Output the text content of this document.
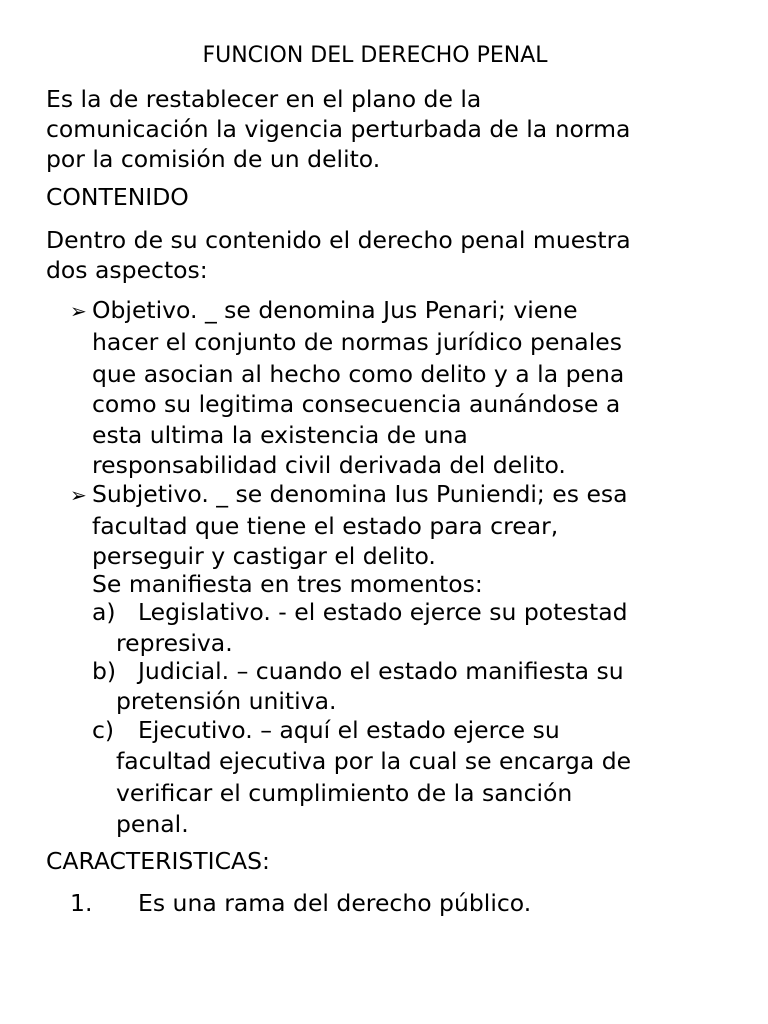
FUNCION DEL DERECHO PENAL
Es la de restablecer en el plano de la
comunicación la vigencia perturbada de la norma
por la comisión de un delito.
CONTENIDO
Dentro de su contenido el derecho penal muestra
dos aspectos:
➢ Objetivo. _ se denomina Jus Penari; viene
hacer el conjunto de normas jurídico penales
que asocian al hecho como delito y a la pena
como su legitima consecuencia aunándose a
esta ultima la existencia de una
responsabilidad civil derivada del delito.
➢ Subjetivo. _ se denomina Ius Puniendi; es esa
facultad que tiene el estado para crear,
perseguir y castigar el delito.
Se manifiesta en tres momentos:
a) Legislativo. - el estado ejerce su potestad
represiva.
b) Judicial. – cuando el estado manifiesta su
pretensión unitiva.
c) Ejecutivo. – aquí el estado ejerce su
facultad ejecutiva por la cual se encarga de
verificar el cumplimiento de la sanción
penal.
CARACTERISTICAS:
1. Es una rama del derecho público.
